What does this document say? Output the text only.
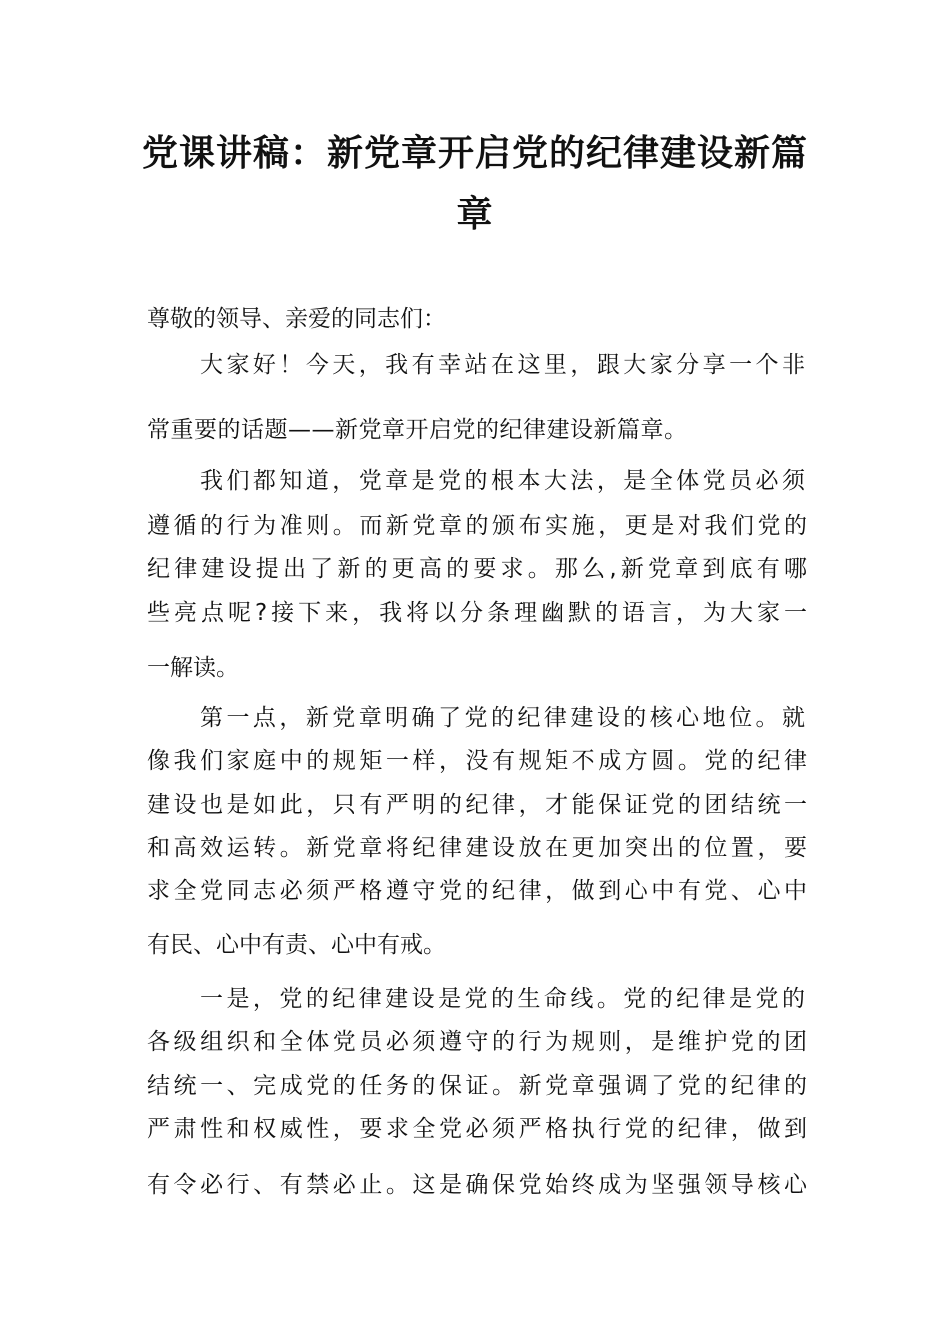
党课讲稿：新党章开启党的纪律建设新篇
章

尊敬的领导、亲爱的同志们：

大家好！今天，我有幸站在这里，跟大家分享一个非

常重要的话题——新党章开启党的纪律建设新篇章。

我们都知道，党章是党的根本大法，是全体党员必须

遵循的行为准则。而新党章的颁布实施，更是对我们党的

纪律建设提出了新的更高的要求。那么,新党章到底有哪

些亮点呢?接下来，我将以分条理幽默的语言，为大家一

一解读。

第一点，新党章明确了党的纪律建设的核心地位。就

像我们家庭中的规矩一样，没有规矩不成方圆。党的纪律

建设也是如此，只有严明的纪律，才能保证党的团结统一

和高效运转。新党章将纪律建设放在更加突出的位置，要

求全党同志必须严格遵守党的纪律，做到心中有党、心中

有民、心中有责、心中有戒。

一是，党的纪律建设是党的生命线。党的纪律是党的

各级组织和全体党员必须遵守的行为规则，是维护党的团

结统一、完成党的任务的保证。新党章强调了党的纪律的

严肃性和权威性，要求全党必须严格执行党的纪律，做到

有令必行、有禁必止。这是确保党始终成为坚强领导核心
